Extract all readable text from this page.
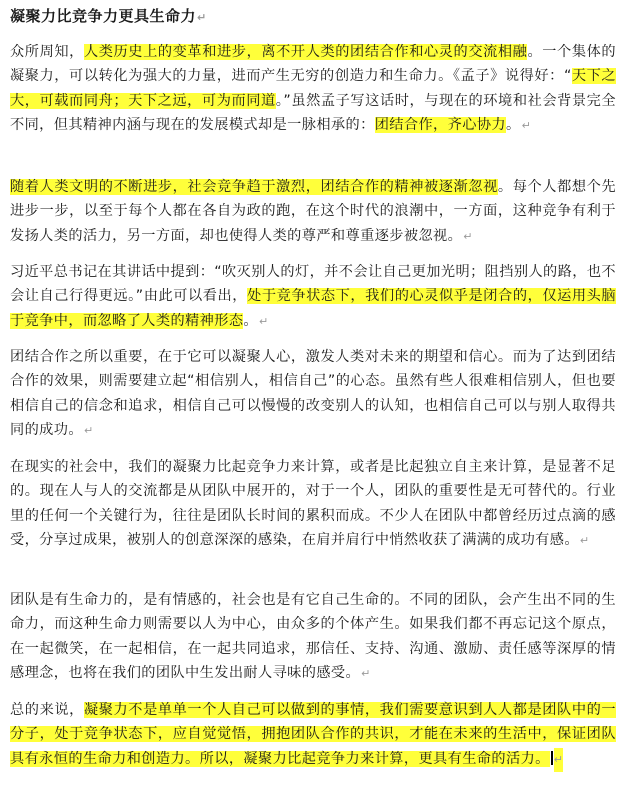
凝聚力比竞争力更具生命力↵
众所周知，人类历史上的变革和进步，离不开人类的团结合作和心灵的交流相融。一个集体的凝聚力，可以转化为强大的力量，进而产生无穷的创造力和生命力。《孟子》说得好：“天下之大，可载而同舟；天下之远，可为而同道。”虽然孟子写这话时，与现在的环境和社会背景完全不同，但其精神内涵与现在的发展模式却是一脉相承的：团结合作，齐心协力。↵
随着人类文明的不断进步，社会竞争趋于激烈，团结合作的精神被逐渐忽视。每个人都想个先进步一步，以至于每个人都在各自为政的跑，在这个时代的浪潮中，一方面，这种竞争有利于发扬人类的活力，另一方面，却也使得人类的尊严和尊重逐步被忽视。↵
习近平总书记在其讲话中提到：“吹灭别人的灯，并不会让自己更加光明；阻挡别人的路，也不会让自己行得更远。”由此可以看出，处于竞争状态下，我们的心灵似乎是闭合的，仅运用头脑于竞争中，而忽略了人类的精神形态。↵
团结合作之所以重要，在于它可以凝聚人心，激发人类对未来的期望和信心。而为了达到团结合作的效果，则需要建立起“相信别人，相信自己”的心态。虽然有些人很难相信别人，但也要相信自己的信念和追求，相信自己可以慢慢的改变别人的认知，也相信自己可以与别人取得共同的成功。↵
在现实的社会中，我们的凝聚力比起竞争力来计算，或者是比起独立自主来计算，是显著不足的。现在人与人的交流都是从团队中展开的，对于一个人，团队的重要性是无可替代的。行业里的任何一个关键行为，往往是团队长时间的累积而成。不少人在团队中都曾经历过点滴的感受，分享过成果，被别人的创意深深的感染，在肩并肩行中悄然收获了满满的成功有感。↵
团队是有生命力的，是有情感的，社会也是有它自己生命的。不同的团队，会产生出不同的生命力，而这种生命力则需要以人为中心，由众多的个体产生。如果我们都不再忘记这个原点，在一起微笑，在一起相信，在一起共同追求，那信任、支持、沟通、激励、责任感等深厚的情感理念，也将在我们的团队中生发出耐人寻味的感受。↵
总的来说，凝聚力不是单单一个人自己可以做到的事情，我们需要意识到人人都是团队中的一分子，处于竞争状态下，应自觉觉悟，拥抱团队合作的共识，才能在未来的生活中，保证团队具有永恒的生命力和创造力。所以，凝聚力比起竞争力来计算，更具有生命的活力。 ↵
